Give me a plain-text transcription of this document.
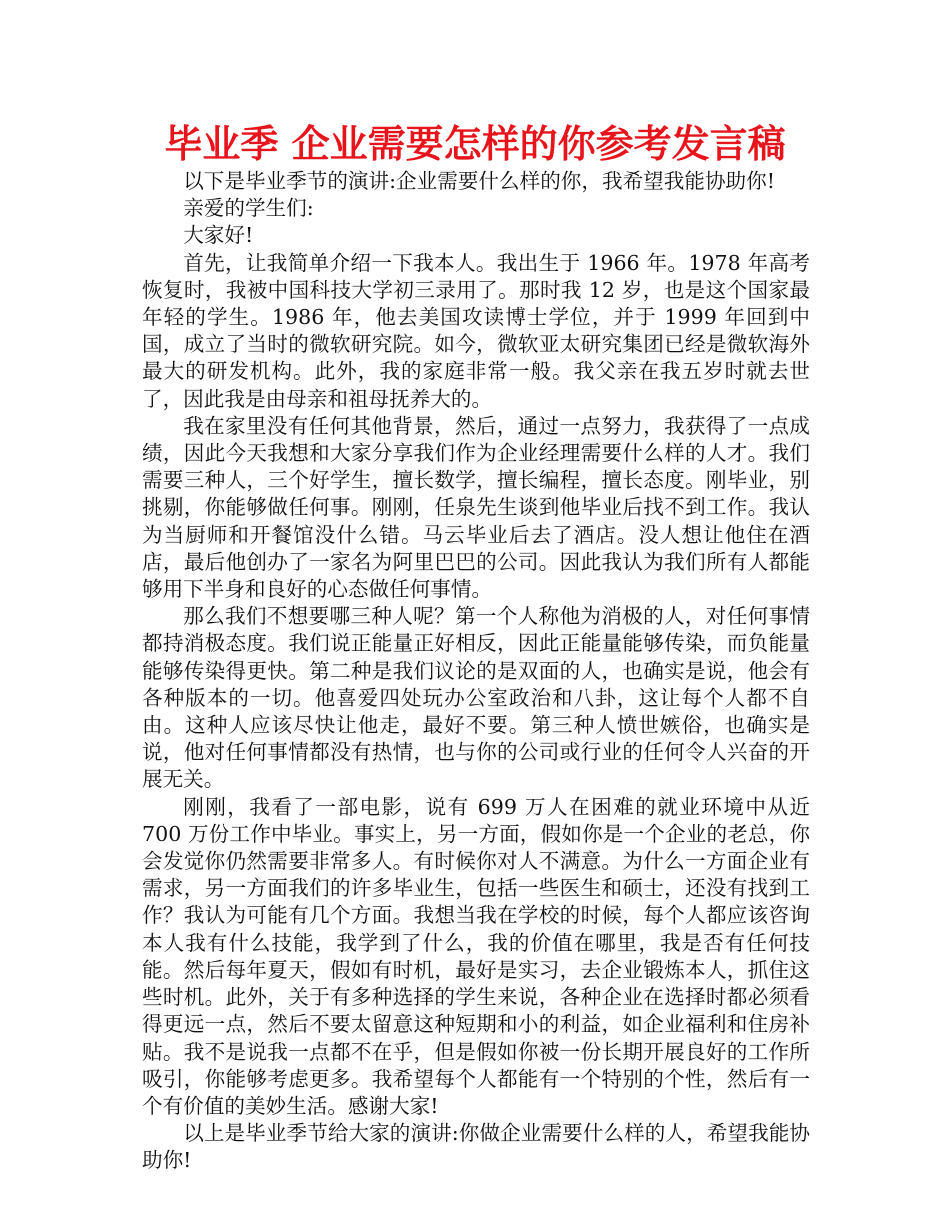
毕业季 企业需要怎样的你参考发言稿

以下是毕业季节的演讲:企业需要什么样的你，我希望我能协助你!

亲爱的学生们:

大家好!

首先，让我简单介绍一下我本人。我出生于 1966 年。1978 年高考恢复时，我被中国科技大学初三录用了。那时我 12 岁，也是这个国家最年轻的学生。1986 年，他去美国攻读博士学位，并于 1999 年回到中国，成立了当时的微软研究院。如今，微软亚太研究集团已经是微软海外最大的研发机构。此外，我的家庭非常一般。我父亲在我五岁时就去世了，因此我是由母亲和祖母抚养大的。

我在家里没有任何其他背景，然后，通过一点努力，我获得了一点成绩，因此今天我想和大家分享我们作为企业经理需要什么样的人才。我们需要三种人，三个好学生，擅长数学，擅长编程，擅长态度。刚毕业，别挑剔，你能够做任何事。刚刚，任泉先生谈到他毕业后找不到工作。我认为当厨师和开餐馆没什么错。马云毕业后去了酒店。没人想让他住在酒店，最后他创办了一家名为阿里巴巴的公司。因此我认为我们所有人都能够用下半身和良好的心态做任何事情。

那么我们不想要哪三种人呢？第一个人称他为消极的人，对任何事情都持消极态度。我们说正能量正好相反，因此正能量能够传染，而负能量能够传染得更快。第二种是我们议论的是双面的人，也确实是说，他会有各种版本的一切。他喜爱四处玩办公室政治和八卦，这让每个人都不自由。这种人应该尽快让他走，最好不要。第三种人愤世嫉俗，也确实是说，他对任何事情都没有热情，也与你的公司或行业的任何令人兴奋的开展无关。

刚刚，我看了一部电影，说有 699 万人在困难的就业环境中从近 700 万份工作中毕业。事实上，另一方面，假如你是一个企业的老总，你会发觉你仍然需要非常多人。有时候你对人不满意。为什么一方面企业有需求，另一方面我们的许多毕业生，包括一些医生和硕士，还没有找到工作？我认为可能有几个方面。我想当我在学校的时候，每个人都应该咨询本人我有什么技能，我学到了什么，我的价值在哪里，我是否有任何技能。然后每年夏天，假如有时机，最好是实习，去企业锻炼本人，抓住这些时机。此外，关于有多种选择的学生来说，各种企业在选择时都必须看得更远一点，然后不要太留意这种短期和小的利益，如企业福利和住房补贴。我不是说我一点都不在乎，但是假如你被一份长期开展良好的工作所吸引，你能够考虑更多。我希望每个人都能有一个特别的个性，然后有一个有价值的美妙生活。感谢大家!

以上是毕业季节给大家的演讲:你做企业需要什么样的人，希望我能协助你!
